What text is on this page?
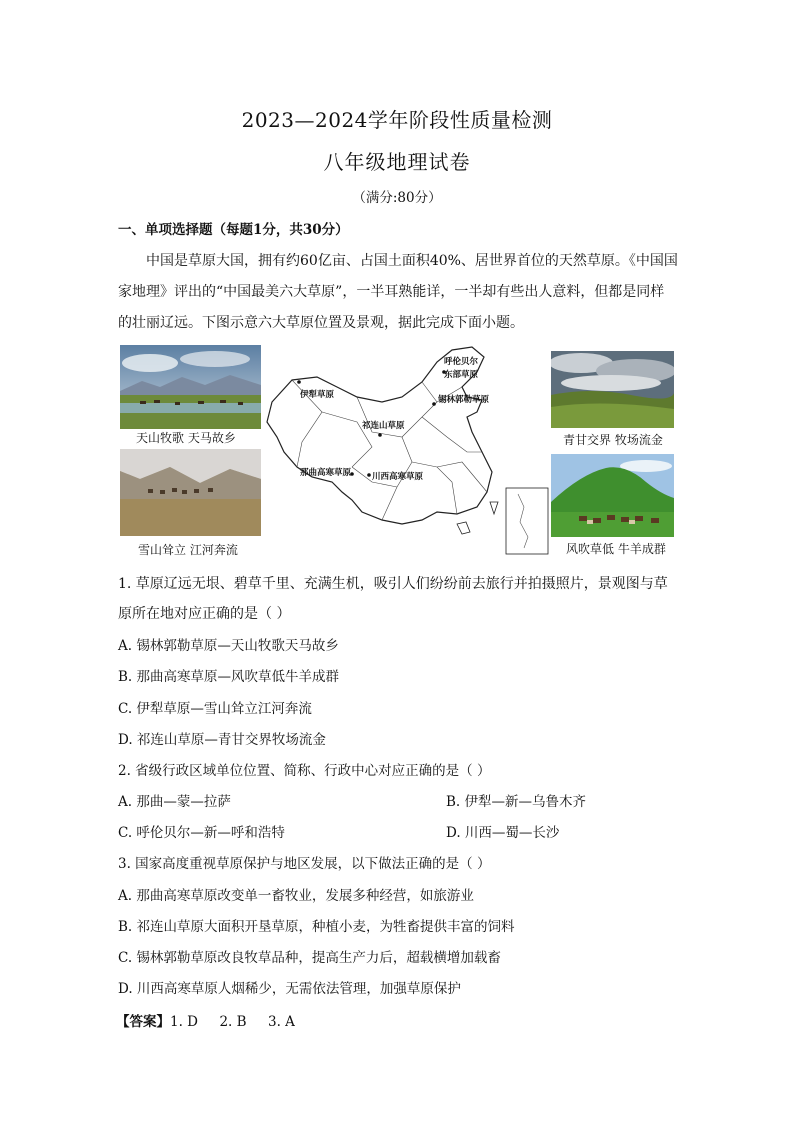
2023—2024学年阶段性质量检测
八年级地理试卷
（满分:80分）
一、单项选择题（每题1分，共30分）
中国是草原大国，拥有约60亿亩、占国土面积40%、居世界首位的天然草原。《中国国
家地理》评出的“中国最美六大草原”，一半耳熟能详，一半却有些出人意料，但都是同样
的壮丽辽远。下图示意六大草原位置及景观，据此完成下面小题。
天山牧歌 天马故乡
雪山耸立 江河奔流
呼伦贝尔
东部草原
伊犁草原	锡林郭勒草原
祁连山草原
那曲高寒草原 川西高寒草原
青甘交界 牧场流金
风吹草低 牛羊成群
1. 草原辽远无垠、碧草千里、充满生机，吸引人们纷纷前去旅行并拍摄照片，景观图与草
原所在地对应正确的是（ ）
A. 锡林郭勒草原—天山牧歌天马故乡
B. 那曲高寒草原—风吹草低牛羊成群
C. 伊犁草原—雪山耸立江河奔流
D. 祁连山草原—青甘交界牧场流金
2. 省级行政区域单位位置、简称、行政中心对应正确的是（ ）
A. 那曲—蒙—拉萨	B. 伊犁—新—乌鲁木齐
C. 呼伦贝尔—新—呼和浩特	D. 川西—蜀—长沙
3. 国家高度重视草原保护与地区发展，以下做法正确的是（ ）
A. 那曲高寒草原改变单一畜牧业，发展多种经营，如旅游业
B. 祁连山草原大面积开垦草原，种植小麦，为牲畜提供丰富的饲料
C. 锡林郭勒草原改良牧草品种，提高生产力后，超载横增加载畜
D. 川西高寒草原人烟稀少，无需依法管理，加强草原保护
【答案】1. D     2. B     3. A
